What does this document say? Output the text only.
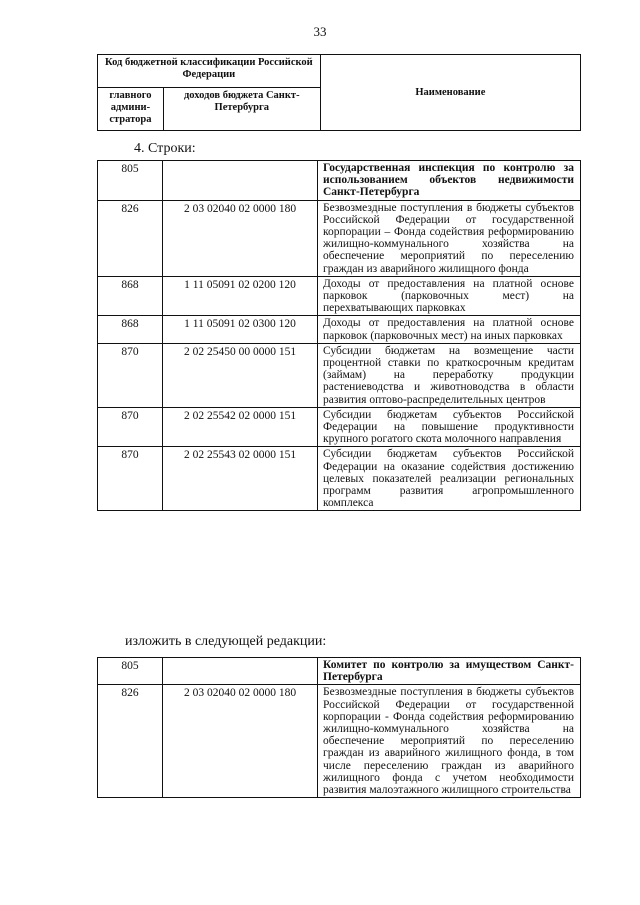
33
Код бюджетной классификации Российской Федерации		Наименование
главного админи-стратора	доходов бюджета Санкт-Петербурга	
4. Строки:
805		Государственная инспекция по контролю за использованием объектов недвижимости Санкт-Петербурга
826	2 03 02040 02 0000 180	Безвозмездные поступления в бюджеты субъектов Российской Федерации от государственной корпорации – Фонда содействия реформированию жилищно-коммунального хозяйства на обеспечение мероприятий по переселению граждан из аварийного жилищного фонда
868	1 11 05091 02 0200 120	Доходы от предоставления на платной основе парковок (парковочных мест) на перехватывающих парковках
868	1 11 05091 02 0300 120	Доходы от предоставления на платной основе парковок (парковочных мест) на иных парковках
870	2 02 25450 00 0000 151	Субсидии бюджетам на возмещение части процентной ставки по краткосрочным кредитам (займам) на переработку продукции растениеводства и животноводства в области развития оптово-распределительных центров
870	2 02 25542 02 0000 151	Субсидии бюджетам субъектов Российской Федерации на повышение продуктивности крупного рогатого скота молочного направления
870	2 02 25543 02 0000 151	Субсидии бюджетам субъектов Российской Федерации на оказание содействия достижению целевых показателей реализации региональных программ развития агропромышленного комплекса
изложить в следующей редакции:
805		Комитет по контролю за имуществом Санкт-Петербурга
826	2 03 02040 02 0000 180	Безвозмездные поступления в бюджеты субъектов Российской Федерации от государственной корпорации - Фонда содействия реформированию жилищно-коммунального хозяйства на обеспечение мероприятий по переселению граждан из аварийного жилищного фонда, в том числе переселению граждан из аварийного жилищного фонда с учетом необходимости развития малоэтажного жилищного строительства
